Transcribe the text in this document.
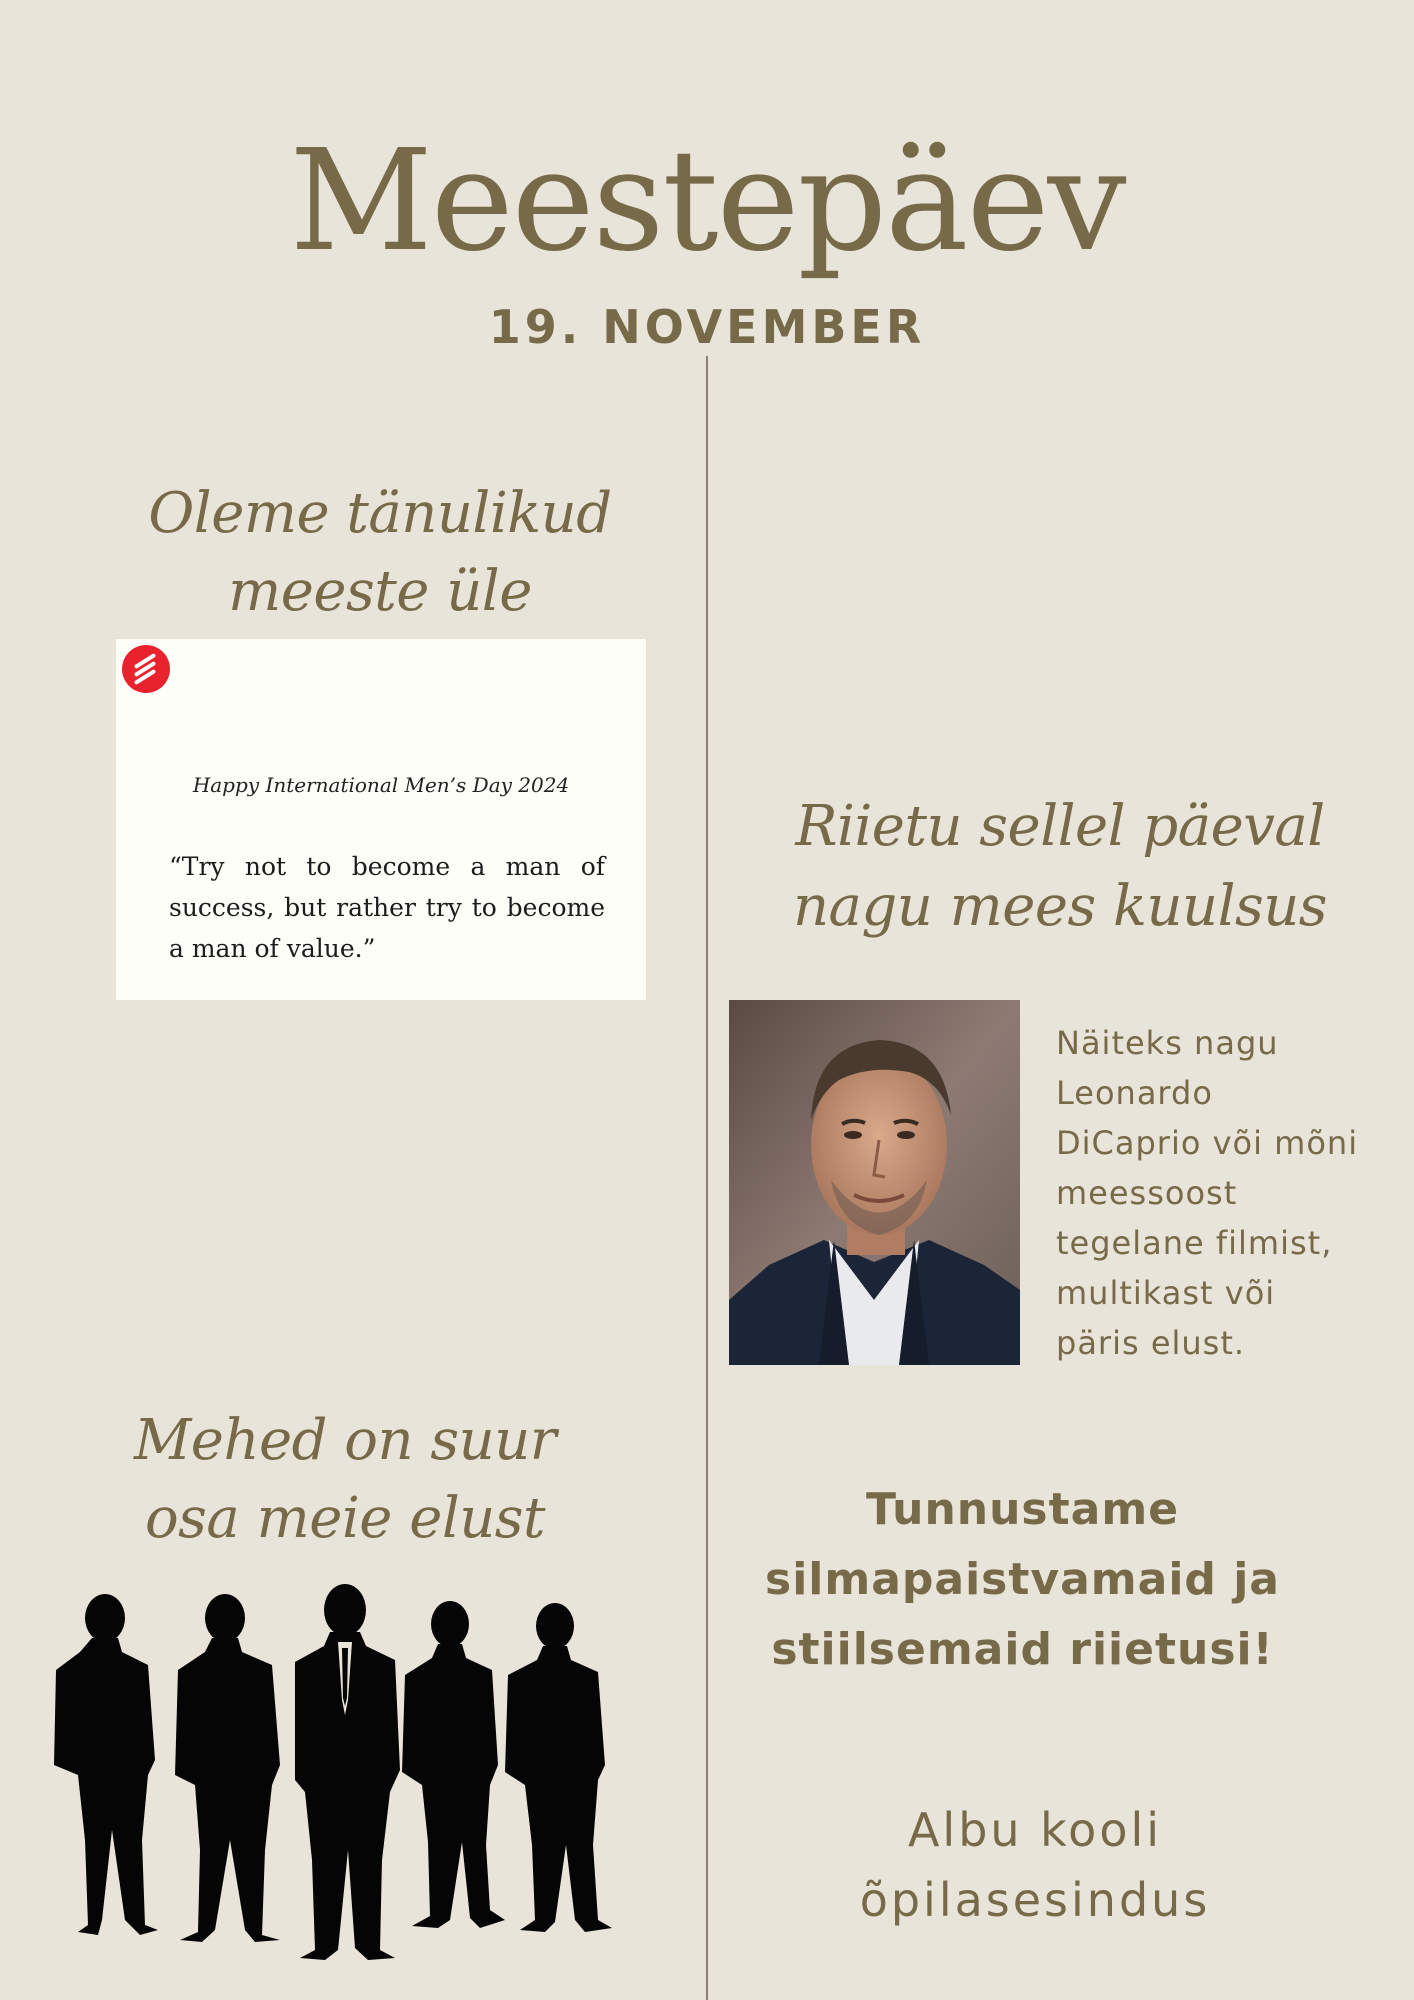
Meestepäev
19. NOVEMBER
Oleme tänulikud
meeste üle
Happy International Men’s Day 2024

“Try not to become a man of success, but rather try to become a man of value.”

Riietu sellel päeval
nagu mees kuulsus
Näiteks nagu
Leonardo
DiCaprio või mõni
meessoost
tegelane filmist,
multikast või
päris elust.
Mehed on suur
osa meie elust	Tunnustame
silmapaistvamaid ja
stiilsemaid riietusi!
Albu kooli
õpilasesindus
